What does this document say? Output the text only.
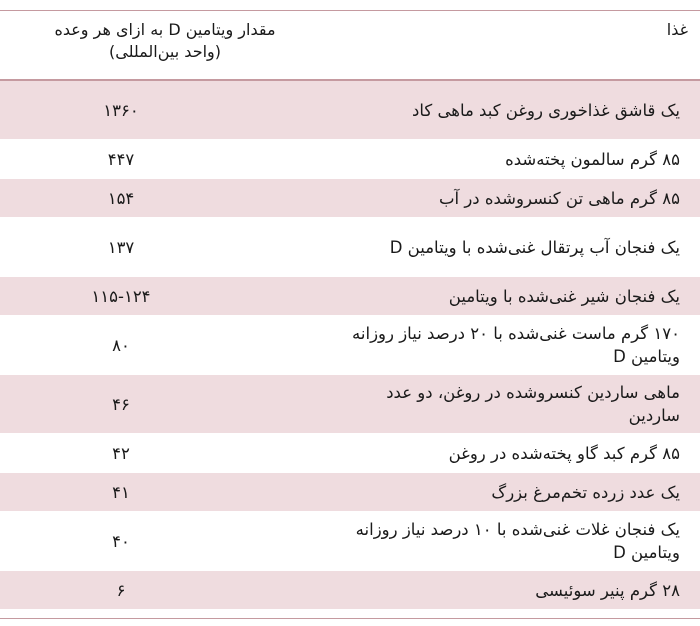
غذا	مقدار ویتامین D به ازای هر وعده
(واحد بین‌المللی)

یک قاشق غذاخوری روغن کبد ماهی کاد	۱۳۶۰
۸۵ گرم سالمون پخته‌شده	۴۴۷
۸۵ گرم ماهی تن کنسروشده در آب	۱۵۴
یک فنجان آب پرتقال غنی‌شده با ویتامین D	۱۳۷
یک فنجان شیر غنی‌شده با ویتامین	۱۱۵-۱۲۴
۱۷۰ گرم ماست غنی‌شده با ۲۰ درصد نیاز روزانه ویتامین D	۸۰
ماهی ساردین کنسروشده در روغن، دو عدد ساردین	۴۶
۸۵ گرم کبد گاو پخته‌شده در روغن	۴۲
یک عدد زرده تخم‌مرغ بزرگ	۴۱
یک فنجان غلات غنی‌شده با ۱۰ درصد نیاز روزانه ویتامین D	۴۰
۲۸ گرم پنیر سوئیسی	۶
